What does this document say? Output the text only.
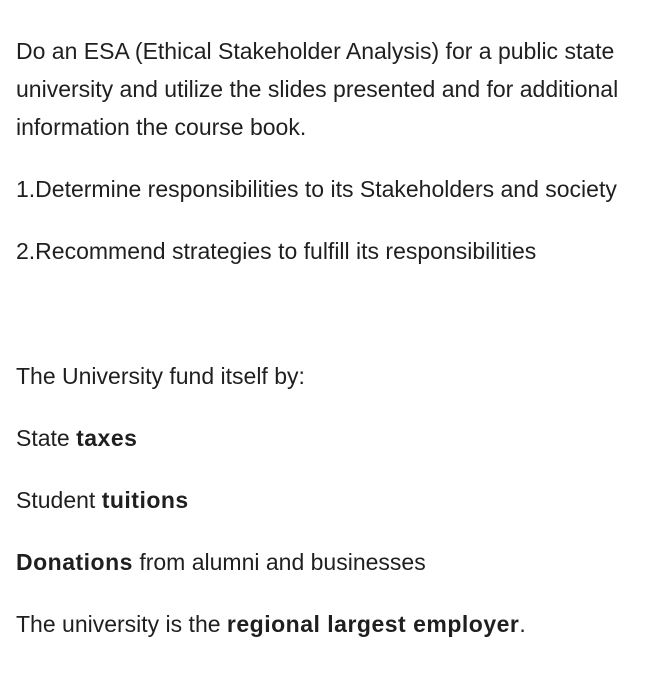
Do an ESA (Ethical Stakeholder Analysis) for a public state university and utilize the slides presented and for additional information the course book.

1.Determine responsibilities to its Stakeholders and society

2.Recommend strategies to fulfill its responsibilities

The University fund itself by:

State taxes

Student tuitions

Donations from alumni and businesses

The university is the regional largest employer.
